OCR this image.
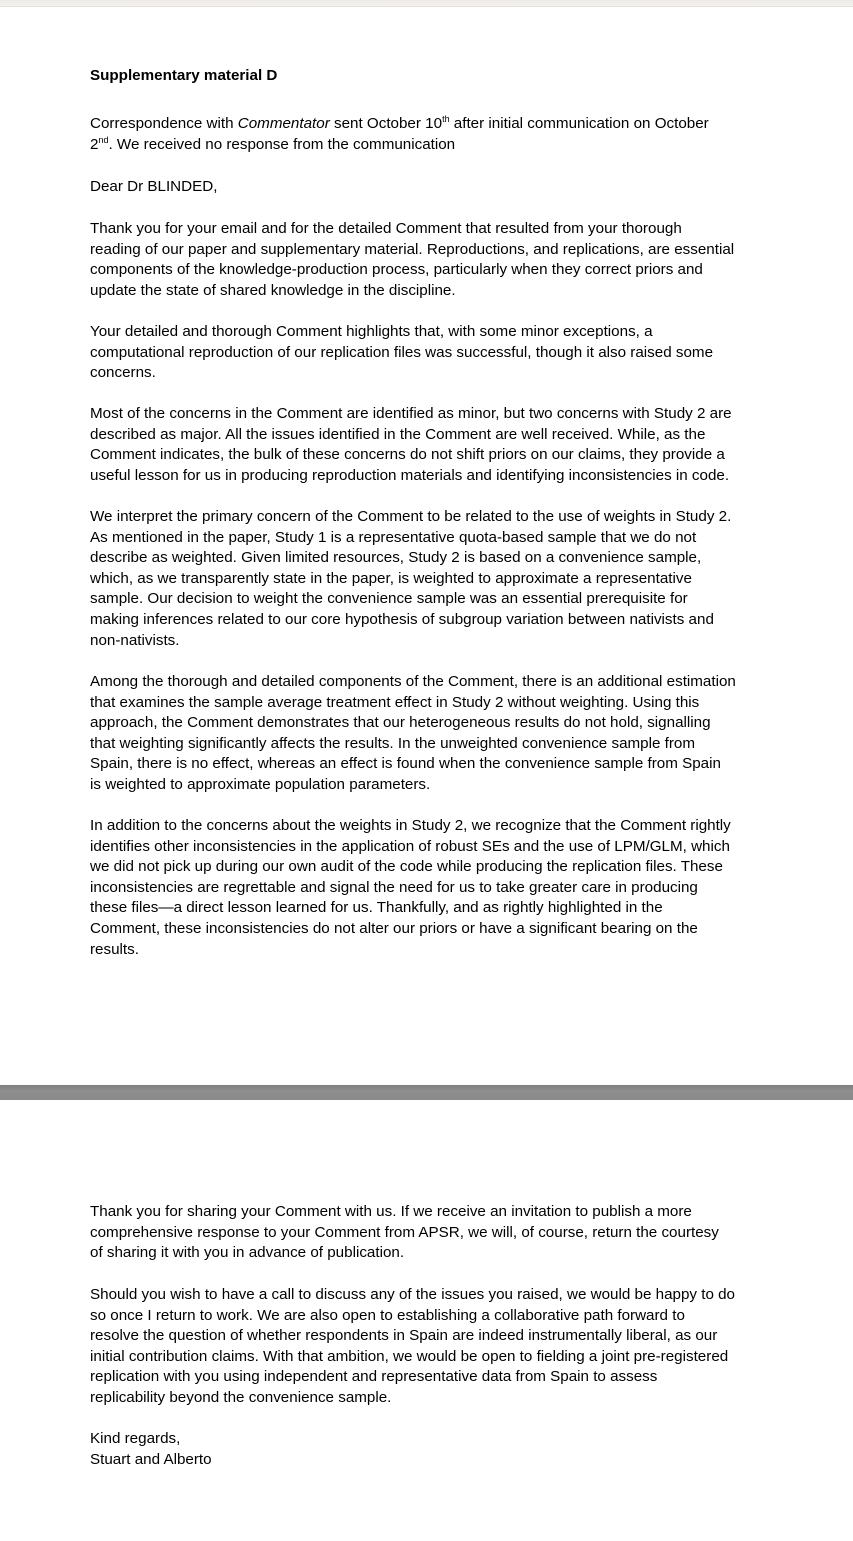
Supplementary material D
Correspondence with Commentator sent October 10th after initial communication on October
2nd. We received no response from the communication
Dear Dr BLINDED,
Thank you for your email and for the detailed Comment that resulted from your thorough
reading of our paper and supplementary material. Reproductions, and replications, are essential
components of the knowledge-production process, particularly when they correct priors and
update the state of shared knowledge in the discipline.
Your detailed and thorough Comment highlights that, with some minor exceptions, a
computational reproduction of our replication files was successful, though it also raised some
concerns.
Most of the concerns in the Comment are identified as minor, but two concerns with Study 2 are
described as major. All the issues identified in the Comment are well received. While, as the
Comment indicates, the bulk of these concerns do not shift priors on our claims, they provide a
useful lesson for us in producing reproduction materials and identifying inconsistencies in code.
We interpret the primary concern of the Comment to be related to the use of weights in Study 2.
As mentioned in the paper, Study 1 is a representative quota-based sample that we do not
describe as weighted. Given limited resources, Study 2 is based on a convenience sample,
which, as we transparently state in the paper, is weighted to approximate a representative
sample. Our decision to weight the convenience sample was an essential prerequisite for
making inferences related to our core hypothesis of subgroup variation between nativists and
non-nativists.
Among the thorough and detailed components of the Comment, there is an additional estimation
that examines the sample average treatment effect in Study 2 without weighting. Using this
approach, the Comment demonstrates that our heterogeneous results do not hold, signalling
that weighting significantly affects the results. In the unweighted convenience sample from
Spain, there is no effect, whereas an effect is found when the convenience sample from Spain
is weighted to approximate population parameters.
In addition to the concerns about the weights in Study 2, we recognize that the Comment rightly
identifies other inconsistencies in the application of robust SEs and the use of LPM/GLM, which
we did not pick up during our own audit of the code while producing the replication files. These
inconsistencies are regrettable and signal the need for us to take greater care in producing
these files—a direct lesson learned for us. Thankfully, and as rightly highlighted in the
Comment, these inconsistencies do not alter our priors or have a significant bearing on the
results.
Thank you for sharing your Comment with us. If we receive an invitation to publish a more
comprehensive response to your Comment from APSR, we will, of course, return the courtesy
of sharing it with you in advance of publication.
Should you wish to have a call to discuss any of the issues you raised, we would be happy to do
so once I return to work. We are also open to establishing a collaborative path forward to
resolve the question of whether respondents in Spain are indeed instrumentally liberal, as our
initial contribution claims. With that ambition, we would be open to fielding a joint pre-registered
replication with you using independent and representative data from Spain to assess
replicability beyond the convenience sample.
Kind regards,
Stuart and Alberto
